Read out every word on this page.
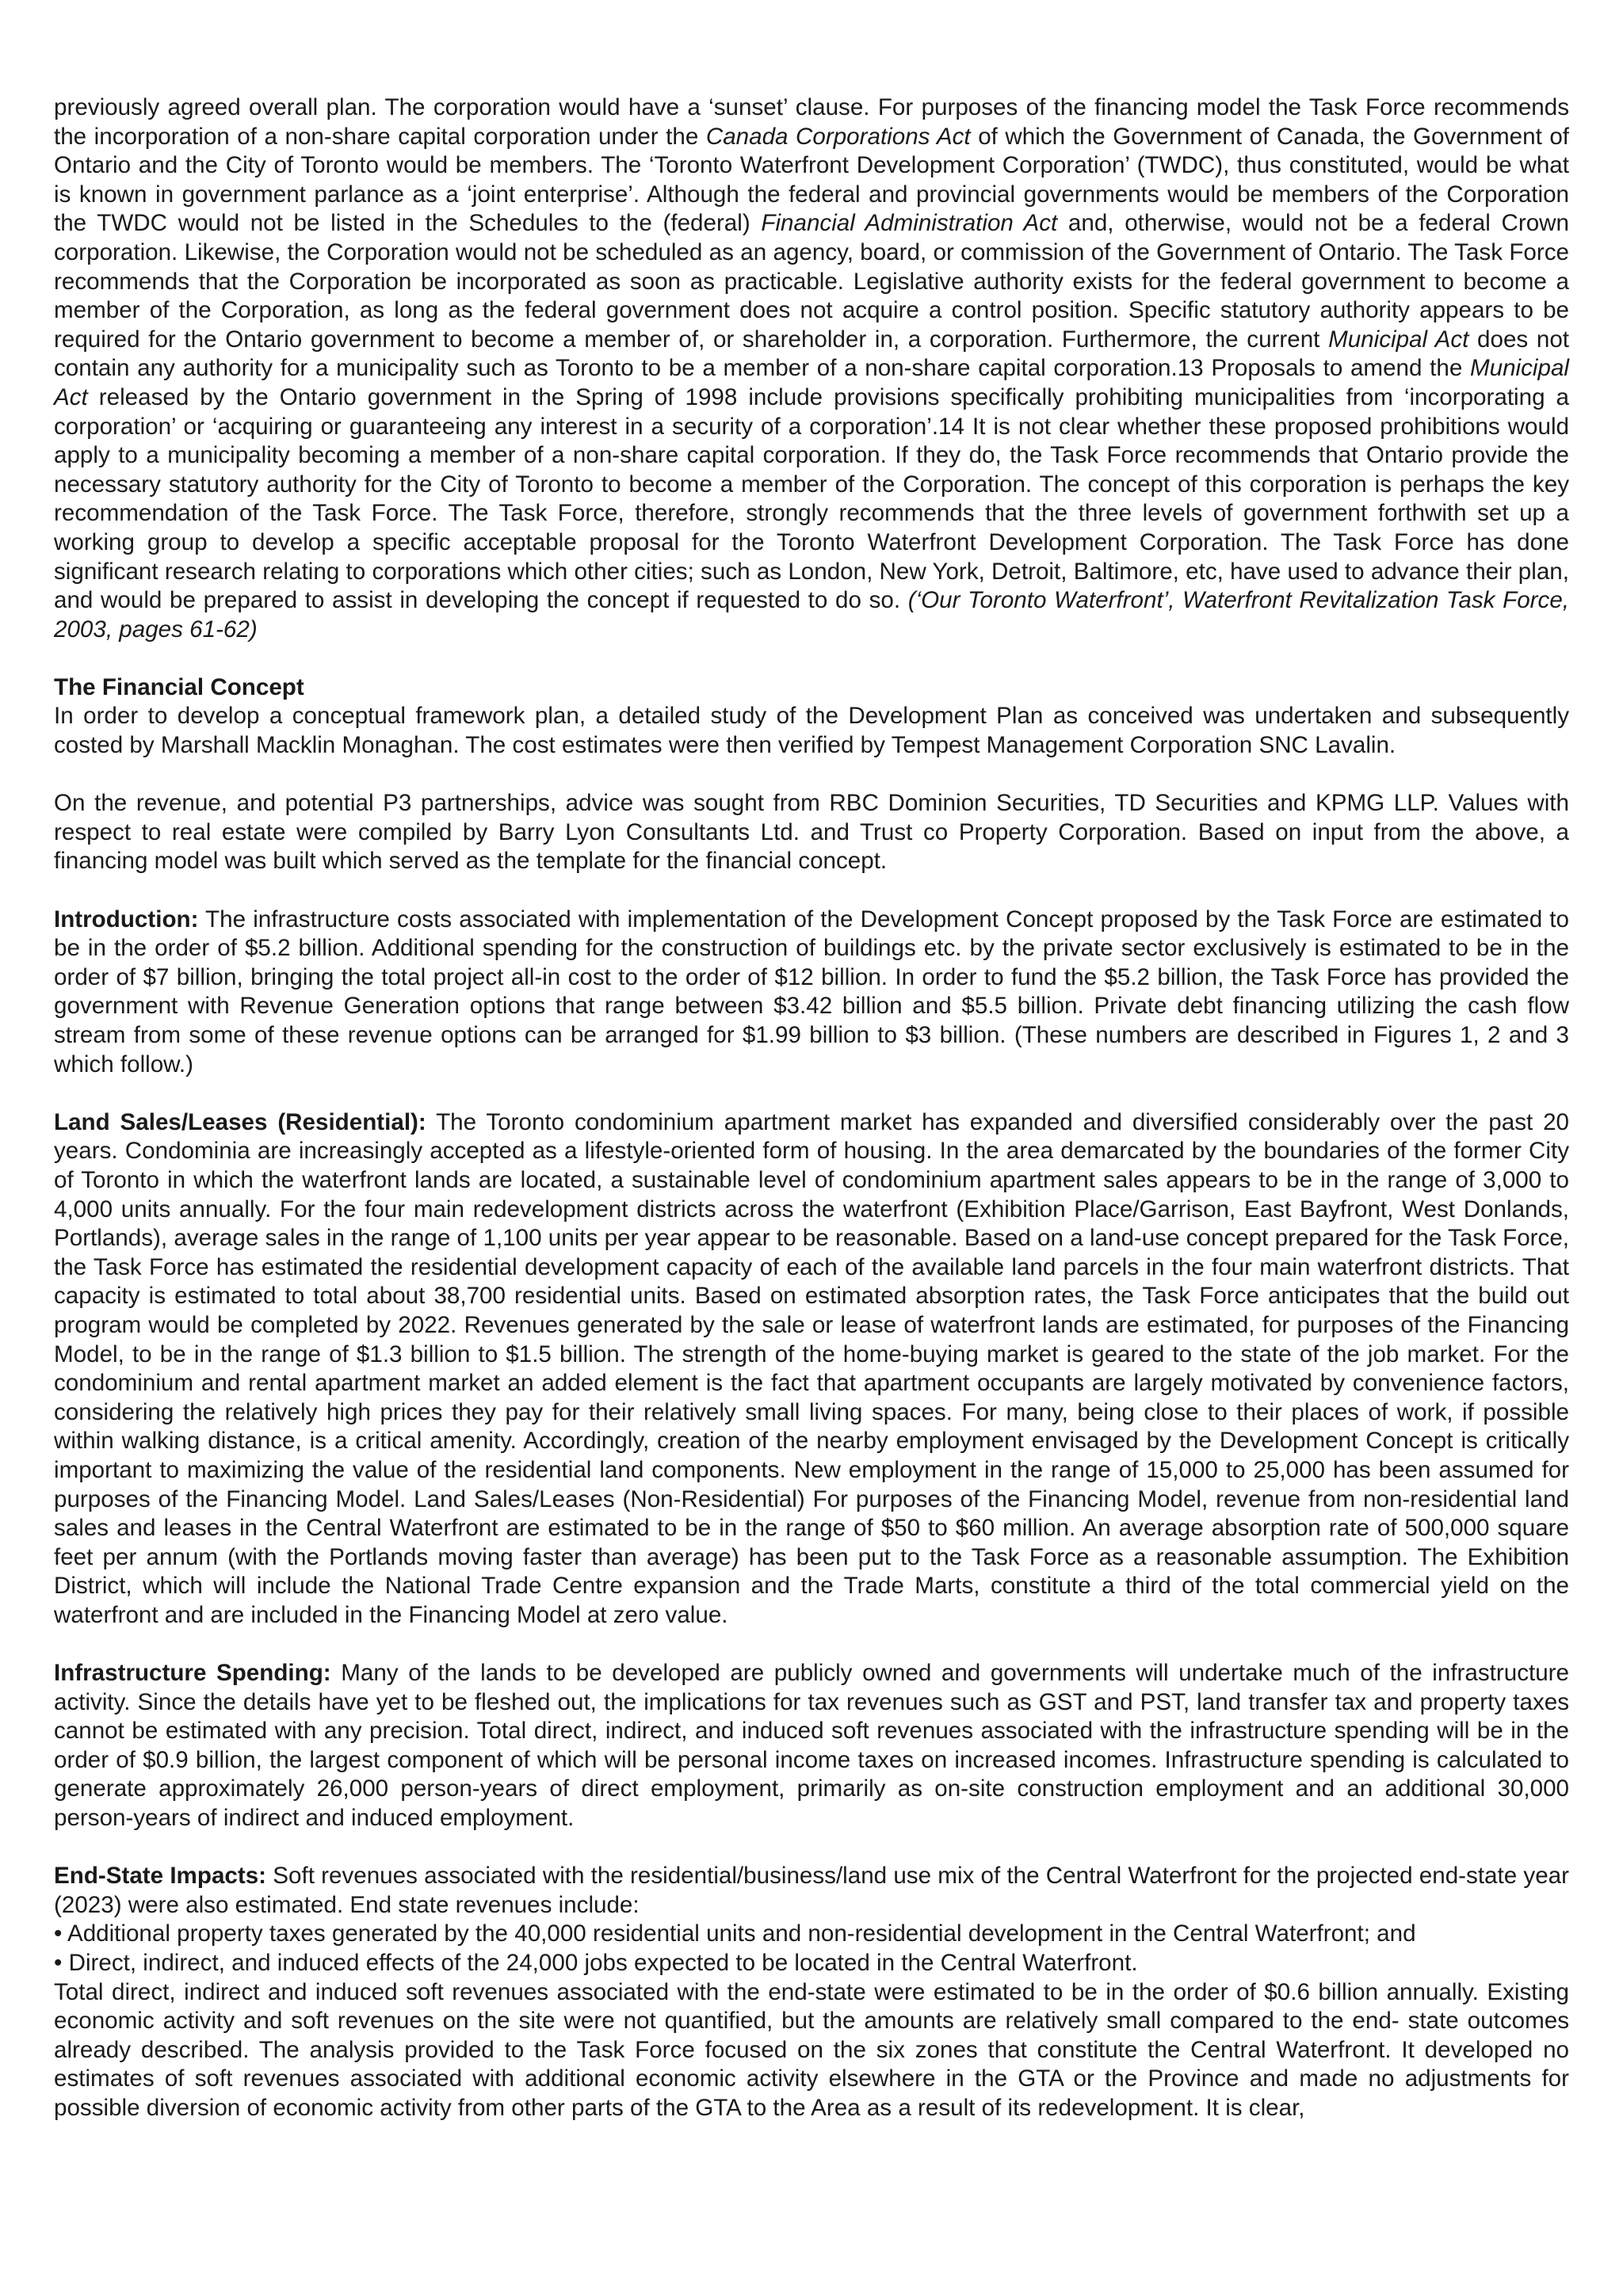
previously agreed overall plan. The corporation would have a ‘sunset’ clause. For purposes of the financing model the Task Force recommends the incorporation of a non-share capital corporation under the Canada Corporations Act of which the Government of Canada, the Government of Ontario and the City of Toronto would be members. The ‘Toronto Waterfront Development Corporation’ (TWDC), thus constituted, would be what is known in government parlance as a ‘joint enterprise’. Although the federal and provincial governments would be members of the Corporation the TWDC would not be listed in the Schedules to the (federal) Financial Administration Act and, otherwise, would not be a federal Crown corporation. Likewise, the Corporation would not be scheduled as an agency, board, or commission of the Government of Ontario. The Task Force recommends that the Corporation be incorporated as soon as practicable. Legislative authority exists for the federal government to become a member of the Corporation, as long as the federal government does not acquire a control position. Specific statutory authority appears to be required for the Ontario government to become a member of, or shareholder in, a corporation. Furthermore, the current Municipal Act does not contain any authority for a municipality such as Toronto to be a member of a non-share capital corporation.13 Proposals to amend the Municipal Act released by the Ontario government in the Spring of 1998 include provisions specifically prohibiting municipalities from ‘incorporating a corporation’ or ‘acquiring or guaranteeing any interest in a security of a corporation’.14 It is not clear whether these proposed prohibitions would apply to a municipality becoming a member of a non-share capital corporation. If they do, the Task Force recommends that Ontario provide the necessary statutory authority for the City of Toronto to become a member of the Corporation. The concept of this corporation is perhaps the key recommendation of the Task Force. The Task Force, therefore, strongly recommends that the three levels of government forthwith set up a working group to develop a specific acceptable proposal for the Toronto Waterfront Development Corporation. The Task Force has done significant research relating to corporations which other cities; such as London, New York, Detroit, Baltimore, etc, have used to advance their plan, and would be prepared to assist in developing the concept if requested to do so. (‘Our Toronto Waterfront’, Waterfront Revitalization Task Force, 2003, pages 61-62)

The Financial Concept

In order to develop a conceptual framework plan, a detailed study of the Development Plan as conceived was undertaken and subsequently costed by Marshall Macklin Monaghan. The cost estimates were then verified by Tempest Management Corporation SNC Lavalin.

On the revenue, and potential P3 partnerships, advice was sought from RBC Dominion Securities, TD Securities and KPMG LLP. Values with respect to real estate were compiled by Barry Lyon Consultants Ltd. and Trust co Property Corporation. Based on input from the above, a financing model was built which served as the template for the financial concept.

Introduction: The infrastructure costs associated with implementation of the Development Concept proposed by the Task Force are estimated to be in the order of $5.2 billion. Additional spending for the construction of buildings etc. by the private sector exclusively is estimated to be in the order of $7 billion, bringing the total project all-in cost to the order of $12 billion. In order to fund the $5.2 billion, the Task Force has provided the government with Revenue Generation options that range between $3.42 billion and $5.5 billion. Private debt financing utilizing the cash flow stream from some of these revenue options can be arranged for $1.99 billion to $3 billion. (These numbers are described in Figures 1, 2 and 3 which follow.)

Land Sales/Leases (Residential): The Toronto condominium apartment market has expanded and diversified considerably over the past 20 years. Condominia are increasingly accepted as a lifestyle-oriented form of housing. In the area demarcated by the boundaries of the former City of Toronto in which the waterfront lands are located, a sustainable level of condominium apartment sales appears to be in the range of 3,000 to 4,000 units annually. For the four main redevelopment districts across the waterfront (Exhibition Place/Garrison, East Bayfront, West Donlands, Portlands), average sales in the range of 1,100 units per year appear to be reasonable. Based on a land-use concept prepared for the Task Force, the Task Force has estimated the residential development capacity of each of the available land parcels in the four main waterfront districts. That capacity is estimated to total about 38,700 residential units. Based on estimated absorption rates, the Task Force anticipates that the build out program would be completed by 2022. Revenues generated by the sale or lease of waterfront lands are estimated, for purposes of the Financing Model, to be in the range of $1.3 billion to $1.5 billion. The strength of the home-buying market is geared to the state of the job market. For the condominium and rental apartment market an added element is the fact that apartment occupants are largely motivated by convenience factors, considering the relatively high prices they pay for their relatively small living spaces. For many, being close to their places of work, if possible within walking distance, is a critical amenity. Accordingly, creation of the nearby employment envisaged by the Development Concept is critically important to maximizing the value of the residential land components. New employment in the range of 15,000 to 25,000 has been assumed for purposes of the Financing Model. Land Sales/Leases (Non-Residential) For purposes of the Financing Model, revenue from non-residential land sales and leases in the Central Waterfront are estimated to be in the range of $50 to $60 million. An average absorption rate of 500,000 square feet per annum (with the Portlands moving faster than average) has been put to the Task Force as a reasonable assumption. The Exhibition District, which will include the National Trade Centre expansion and the Trade Marts, constitute a third of the total commercial yield on the waterfront and are included in the Financing Model at zero value.

Infrastructure Spending: Many of the lands to be developed are publicly owned and governments will undertake much of the infrastructure activity. Since the details have yet to be fleshed out, the implications for tax revenues such as GST and PST, land transfer tax and property taxes cannot be estimated with any precision. Total direct, indirect, and induced soft revenues associated with the infrastructure spending will be in the order of $0.9 billion, the largest component of which will be personal income taxes on increased incomes. Infrastructure spending is calculated to generate approximately 26,000 person-years of direct employment, primarily as on-site construction employment and an additional 30,000 person-years of indirect and induced employment.

End-State Impacts: Soft revenues associated with the residential/business/land use mix of the Central Waterfront for the projected end-state year (2023) were also estimated. End state revenues include:

• Additional property taxes generated by the 40,000 residential units and non-residential development in the Central Waterfront; and
• Direct, indirect, and induced effects of the 24,000 jobs expected to be located in the Central Waterfront.

Total direct, indirect and induced soft revenues associated with the end-state were estimated to be in the order of $0.6 billion annually. Existing economic activity and soft revenues on the site were not quantified, but the amounts are relatively small compared to the end- state outcomes already described. The analysis provided to the Task Force focused on the six zones that constitute the Central Waterfront. It developed no estimates of soft revenues associated with additional economic activity elsewhere in the GTA or the Province and made no adjustments for possible diversion of economic activity from other parts of the GTA to the Area as a result of its redevelopment. It is clear,
